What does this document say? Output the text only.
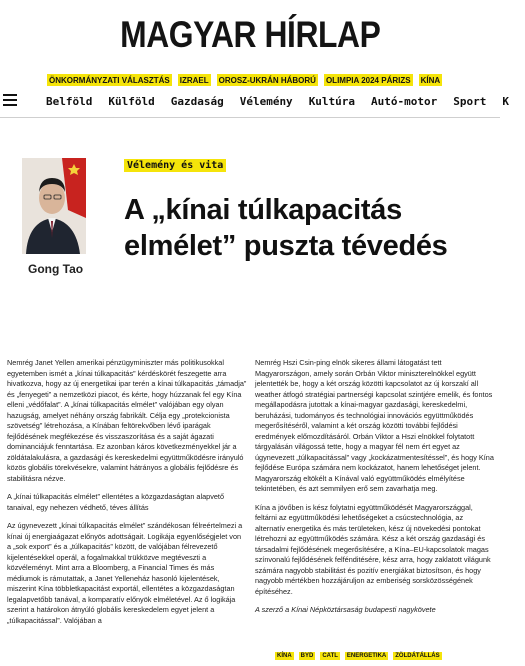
MAGYAR HÍRLAP
ÖNKORMÁNYZATI VÁLASZTÁS IZRAEL OROSZ-UKRÁN HÁBORÚ OLIMPIA 2024 PÁRIZS KÍNA
Belföld Külföld Gazdaság Vélemény Kultúra Autó-motor Sport K
Gong Tao
Vélemény és vita
A „kínai túlkapacitás elmélet” puszta tévedés

Nemrég Janet Yellen amerikai pénzügyminiszter más politikusokkal egyetemben ismét a „kínai túlkapacitás” kérdéskörét feszegette arra hivatkozva, hogy az új energetikai ipar terén a kínai túlkapacitás „támadja” és „fenyegeti” a nemzetközi piacot, és kérte, hogy húzzanak fel egy Kína elleni „védőfalat”. A „kínai túlkapacitás elmélet” valójában egy olyan hazugság, amelyet néhány ország fabrikált. Célja egy „protekcionista szövetség” létrehozása, a Kínában feltörekvőben lévő iparágak fejlődésének megfékezése és visszaszorítása és a saját ágazati dominanciájuk fenntartása. Ez azonban káros következményekkel jár a zöldátalakulásra, a gazdasági és kereskedelmi együttműködésre irányuló közös globális törekvésekre, valamint hátrányos a globális fejlődésre és stabilitásra nézve.

A „kínai túlkapacitás elmélet” ellentétes a közgazdaságtan alapvető tanaival, egy nehezen védhető, téves állítás

Az úgynevezett „kínai túlkapacitás elmélet” szándékosan félreértelmezi a kínai új energiaágazat előnyös adottságait. Logikája egyenlőségjelet von a „sok export” és a „túlkapacitás” között, de valójában félrevezető kijelentésekkel operál, a fogalmakkal trükközve megtéveszti a közvéleményt. Mint arra a Bloomberg, a Financial Times és más médiumok is rámutattak, a Janet Yelleneház hasonló kijelentések, miszerint Kína többletkapacitást exportál, ellentétes a közgazdaságtan legalapvetőbb tanával, a komparatív előnyök elméletével. Az ő logikája szerint a határokon átnyúló globális kereskedelem egyet jelent a „túlkapacitással”. Valójában a

Nemrég Hszi Csin-ping elnök sikeres állami látogatást tett Magyarországon, amely során Orbán Viktor miniszterelnökkel együtt jelentették be, hogy a két ország közötti kapcsolatot az új korszakí all weather átfogó stratégiai partnerségi kapcsolat szintjére emelik, és fontos megállapodásra jutottak a kínai-magyar gazdasági, kereskedelmi, beruházási, tudományos és technológiai innovációs együttműködés megerősítéséről, valamint a két ország közötti további fejlődési eredmények előmozdításáról. Orbán Viktor a Hszi elnökkel folytatott tárgyalásán világossá tette, hogy a magyar fél nem ért egyet az úgynevezett „túlkapacitással” vagy „kockázatmentesítéssel”, és hogy Kína fejlődése Európa számára nem kockázatot, hanem lehetőséget jelent. Magyarország eltökélt a Kínával való együttműködés elmélyítése tekintetében, és azt semmilyen erő sem zavarhatja meg.

Kína a jövőben is kész folytatni együttműködését Magyarországgal, feltárni az együttműködési lehetőségeket a csúcstechnológia, az alternatív energetika és más területeken, kész új növekedési pontokat létrehozni az együttműködés számára. Kész a két ország gazdasági és társadalmi fejlődésének megerősítésére, a Kína–EU-kapcsolatok magas színvonalú fejlődésének felfénditésére, kész arra, hogy zaklatott világunk számára nagyobb stabilitást és pozitív energiákat biztosítson, és hogy nagyobb mértékben hozzájáruljon az emberiség sorsközösségének építéséhez.

A szerző a Kínai Népköztársaság budapesti nagykövete

KÍNA	BYD	CATL	ENERGETIKA	ZÖLDÁTÁLLÁS
